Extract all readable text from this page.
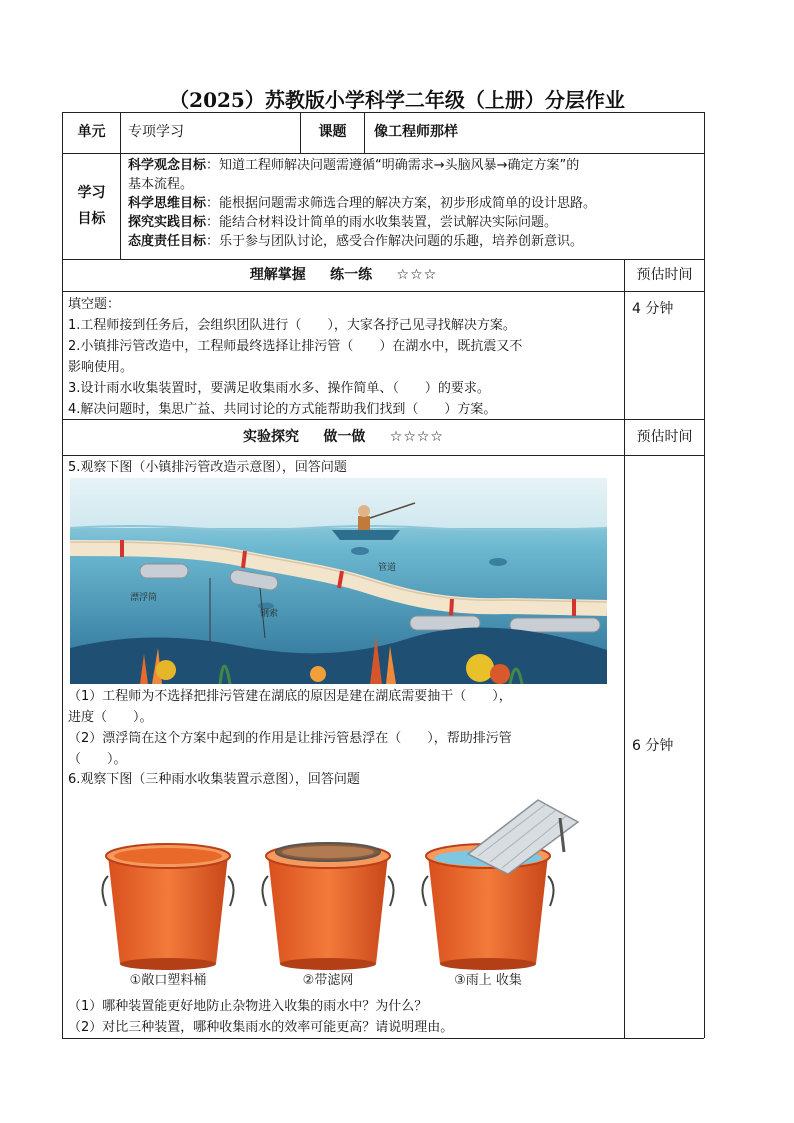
（2025）苏教版小学科学二年级（上册）分层作业
单元	专项学习	课题	像工程师那样
学习
目标

科学观念目标：知道工程师解决问题需遵循“明确需求→头脑风暴→确定方案”的

基本流程。

科学思维目标：能根据问题需求筛选合理的解决方案，初步形成简单的设计思路。

探究实践目标：能结合材料设计简单的雨水收集装置，尝试解决实际问题。

态度责任目标：乐于参与团队讨论，感受合作解决问题的乐趣，培养创新意识。

理解掌握 练一练 ☆☆☆	预估时间
4 分钟

填空题：

1.工程师接到任务后，会组织团队进行（　　），大家各抒己见寻找解决方案。

2.小镇排污管改造中，工程师最终选择让排污管（　　）在湖水中，既抗震又不

影响使用。

3.设计雨水收集装置时，要满足收集雨水多、操作简单、（　　）的要求。

4.解决问题时，集思广益、共同讨论的方式能帮助我们找到（　　）方案。

实验探究 做一做 ☆☆☆☆	预估时间
6 分钟
5.观察下图（小镇排污管改造示意图），回答问题
漂浮筒
钢索
管道

（1）工程师为不选择把排污管建在湖底的原因是建在湖底需要抽干（　　），

进度（　　）。

（2）漂浮筒在这个方案中起到的作用是让排污管悬浮在（　　），帮助排污管

（　　）。

6.观察下图（三种雨水收集装置示意图），回答问题
①敞口塑料桶	②带滤网	③雨上 收集

（1）哪种装置能更好地防止杂物进入收集的雨水中？为什么？

（2）对比三种装置，哪种收集雨水的效率可能更高？请说明理由。
